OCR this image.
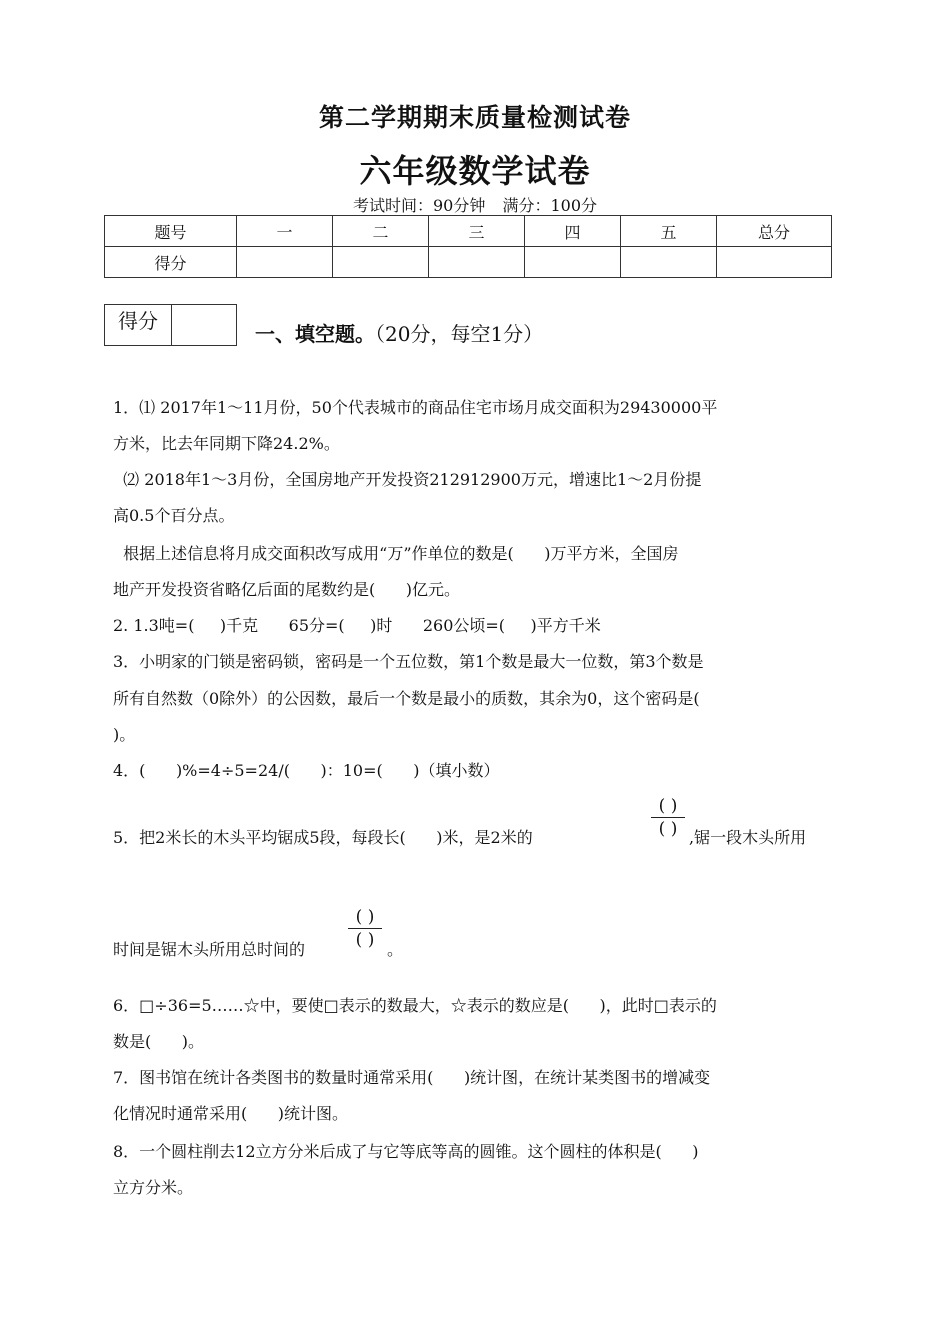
第二学期期末质量检测试卷
六年级数学试卷
考试时间：90分钟 满分：100分
题号	一	二	三	四	五	总分
得分						
得分
一、填空题。（20分，每空1分）
1．⑴ 2017年1～11月份，50个代表城市的商品住宅市场月成交面积为29430000平
方米，比去年同期下降24.2%。
⑵ 2018年1～3月份，全国房地产开发投资212912900万元，增速比1～2月份提
高0.5个百分点。
根据上述信息将月成交面积改写成用“万”作单位的数是(      )万平方米，全国房
地产开发投资省略亿后面的尾数约是(      )亿元。
2. 1.3吨=(     )千克      65分=(     )时      260公顷=(     )平方千米
3．小明家的门锁是密码锁，密码是一个五位数，第1个数是最大一位数，第3个数是
所有自然数（0除外）的公因数，最后一个数是最小的质数，其余为0，这个密码是(
)。
4．(      )%=4÷5=24/(      )：10=(      )（填小数）
5．把2米长的木头平均锯成5段，每段长(      )米，是2米的
( )
( ) ,锯一段木头所用
时间是锯木头所用总时间的
( )
( ) 。
6．□÷36=5……☆中，要使□表示的数最大，☆表示的数应是(      )，此时□表示的
数是(      )。
7．图书馆在统计各类图书的数量时通常采用(      )统计图，在统计某类图书的增减变
化情况时通常采用(      )统计图。
8．一个圆柱削去12立方分米后成了与它等底等高的圆锥。这个圆柱的体积是(      )
立方分米。
